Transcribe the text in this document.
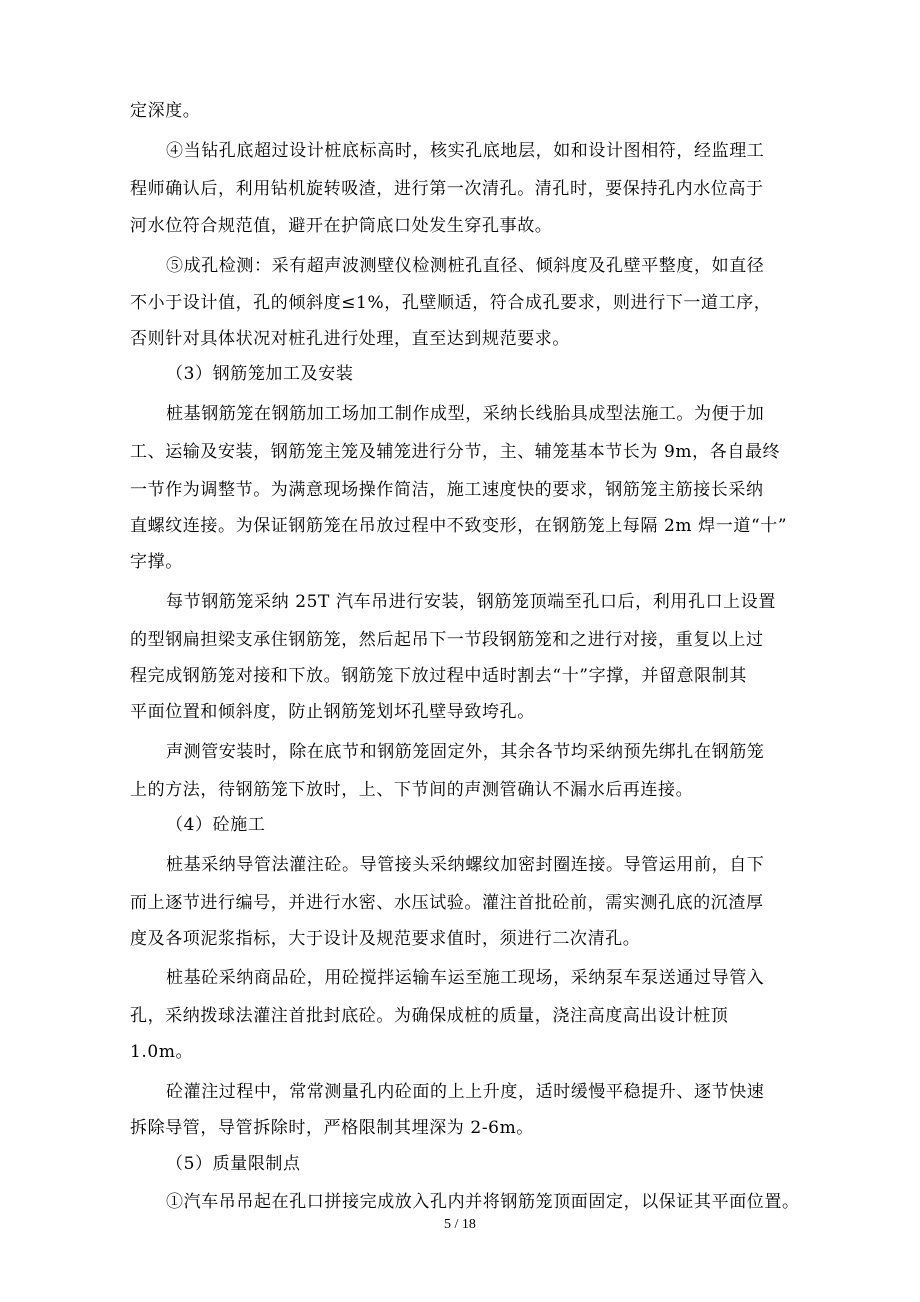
定深度。
④当钻孔底超过设计桩底标高时，核实孔底地层，如和设计图相符，经监理工
程师确认后，利用钻机旋转吸渣，进行第一次清孔。清孔时，要保持孔内水位高于
河水位符合规范值，避开在护筒底口处发生穿孔事故。
⑤成孔检测：采有超声波测壁仪检测桩孔直径、倾斜度及孔壁平整度，如直径
不小于设计值，孔的倾斜度≤1%，孔壁顺适，符合成孔要求，则进行下一道工序，
否则针对具体状况对桩孔进行处理，直至达到规范要求。
（3）钢筋笼加工及安装
桩基钢筋笼在钢筋加工场加工制作成型，采纳长线胎具成型法施工。为便于加
工、运输及安装，钢筋笼主笼及辅笼进行分节，主、辅笼基本节长为 9m，各自最终
一节作为调整节。为满意现场操作简洁，施工速度快的要求，钢筋笼主筋接长采纳
直螺纹连接。为保证钢筋笼在吊放过程中不致变形，在钢筋笼上每隔 2m 焊一道“十”
字撑。
每节钢筋笼采纳 25T 汽车吊进行安装，钢筋笼顶端至孔口后，利用孔口上设置
的型钢扁担梁支承住钢筋笼，然后起吊下一节段钢筋笼和之进行对接，重复以上过
程完成钢筋笼对接和下放。钢筋笼下放过程中适时割去“十”字撑，并留意限制其
平面位置和倾斜度，防止钢筋笼划坏孔壁导致垮孔。
声测管安装时，除在底节和钢筋笼固定外，其余各节均采纳预先绑扎在钢筋笼
上的方法，待钢筋笼下放时，上、下节间的声测管确认不漏水后再连接。
（4）砼施工
桩基采纳导管法灌注砼。导管接头采纳螺纹加密封圈连接。导管运用前，自下
而上逐节进行编号，并进行水密、水压试验。灌注首批砼前，需实测孔底的沉渣厚
度及各项泥浆指标，大于设计及规范要求值时，须进行二次清孔。
桩基砼采纳商品砼，用砼搅拌运输车运至施工现场，采纳泵车泵送通过导管入
孔，采纳拨球法灌注首批封底砼。为确保成桩的质量，浇注高度高出设计桩顶
1.0m。
砼灌注过程中，常常测量孔内砼面的上上升度，适时缓慢平稳提升、逐节快速
拆除导管，导管拆除时，严格限制其埋深为 2-6m。
（5）质量限制点
①汽车吊吊起在孔口拼接完成放入孔内并将钢筋笼顶面固定，以保证其平面位置。
5 / 18
